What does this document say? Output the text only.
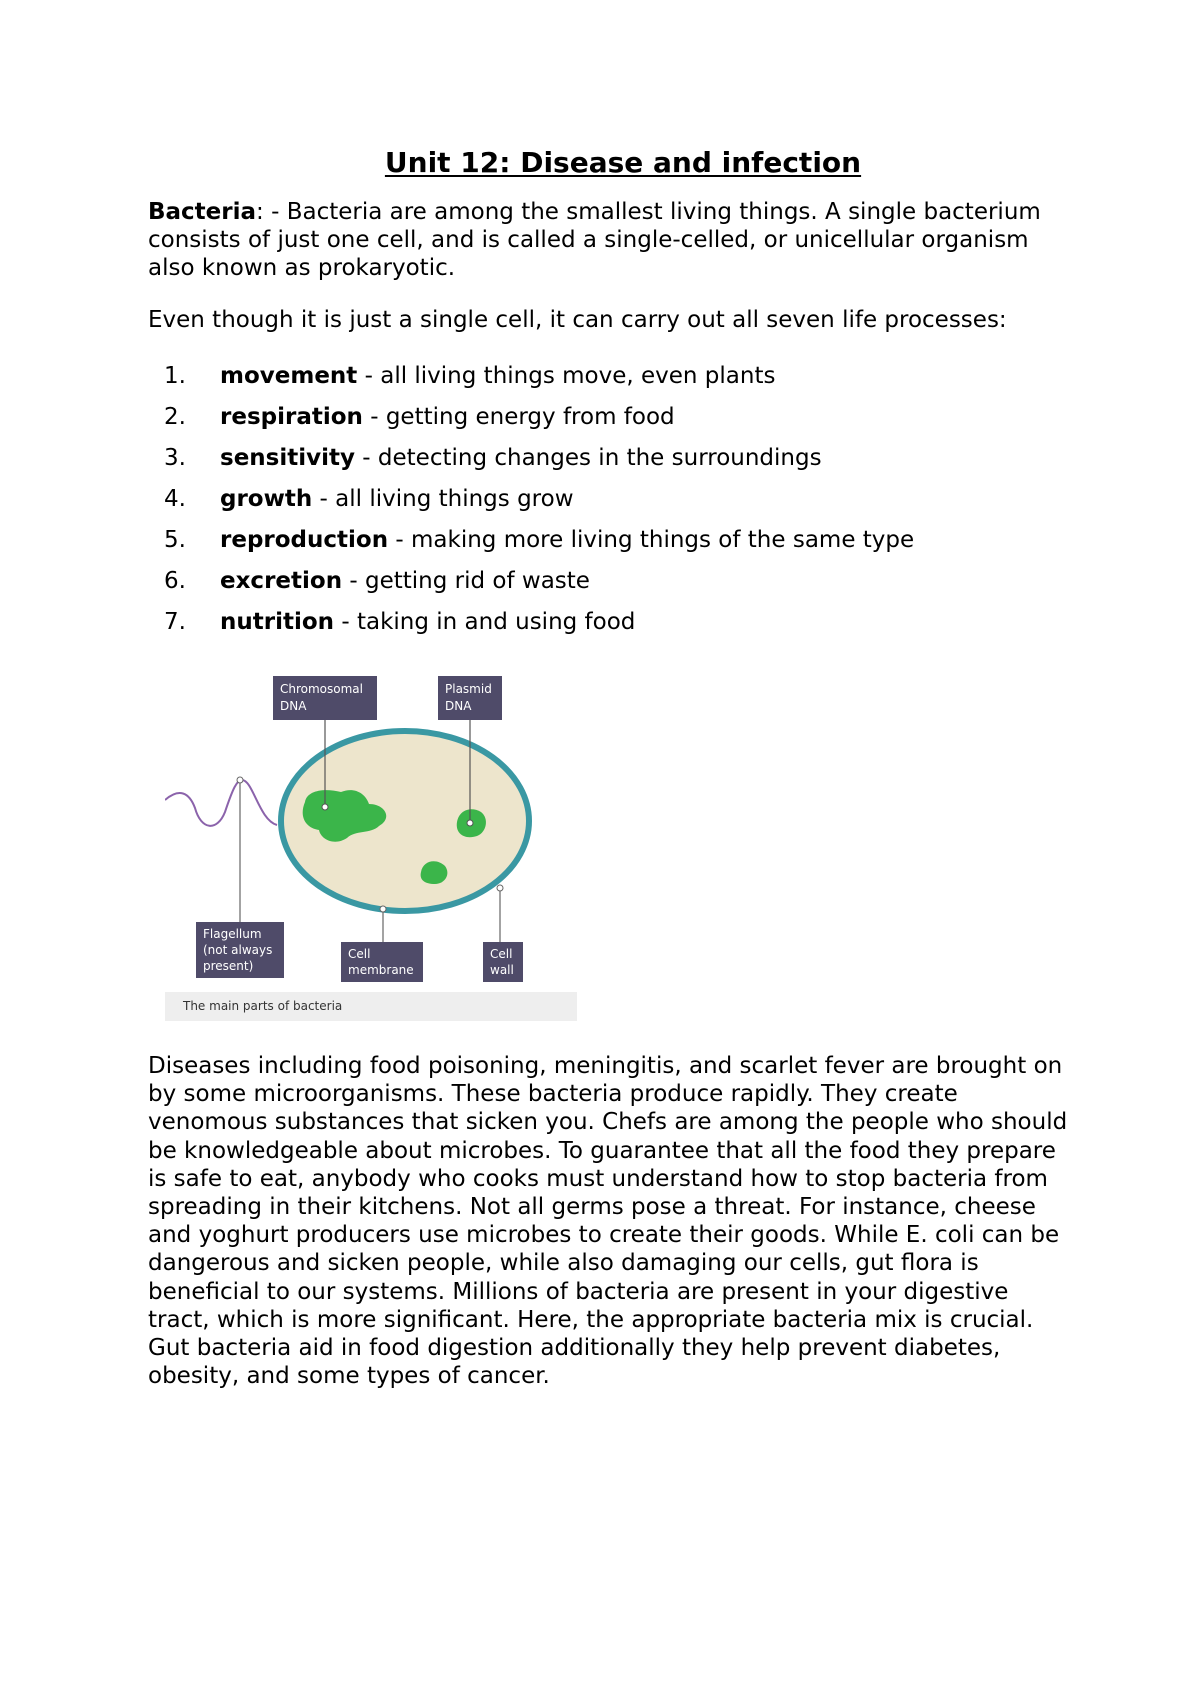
Unit 12: Disease and infection

Bacteria: - Bacteria are among the smallest living things. A single bacterium consists of just one cell, and is called a single-celled, or unicellular organism also known as prokaryotic.

Even though it is just a single cell, it can carry out all seven life processes:

1.	movement - all living things move, even plants
2.	respiration - getting energy from food
3.	sensitivity - detecting changes in the surroundings
4.	growth - all living things grow
5.	reproduction - making more living things of the same type
6.	excretion - getting rid of waste
7.	nutrition - taking in and using food
Chromosomal
DNA
Plasmid
DNA
Flagellum
(not always
present)
Cell
membrane
Cell
wall
The main parts of bacteria

Diseases including food poisoning, meningitis, and scarlet fever are brought on by some microorganisms. These bacteria produce rapidly. They create venomous substances that sicken you. Chefs are among the people who should be knowledgeable about microbes. To guarantee that all the food they prepare is safe to eat, anybody who cooks must understand how to stop bacteria from spreading in their kitchens. Not all germs pose a threat. For instance, cheese and yoghurt producers use microbes to create their goods. While E. coli can be dangerous and sicken people, while also damaging our cells, gut flora is beneficial to our systems. Millions of bacteria are present in your digestive tract, which is more significant. Here, the appropriate bacteria mix is crucial. Gut bacteria aid in food digestion additionally they help prevent diabetes, obesity, and some types of cancer.
